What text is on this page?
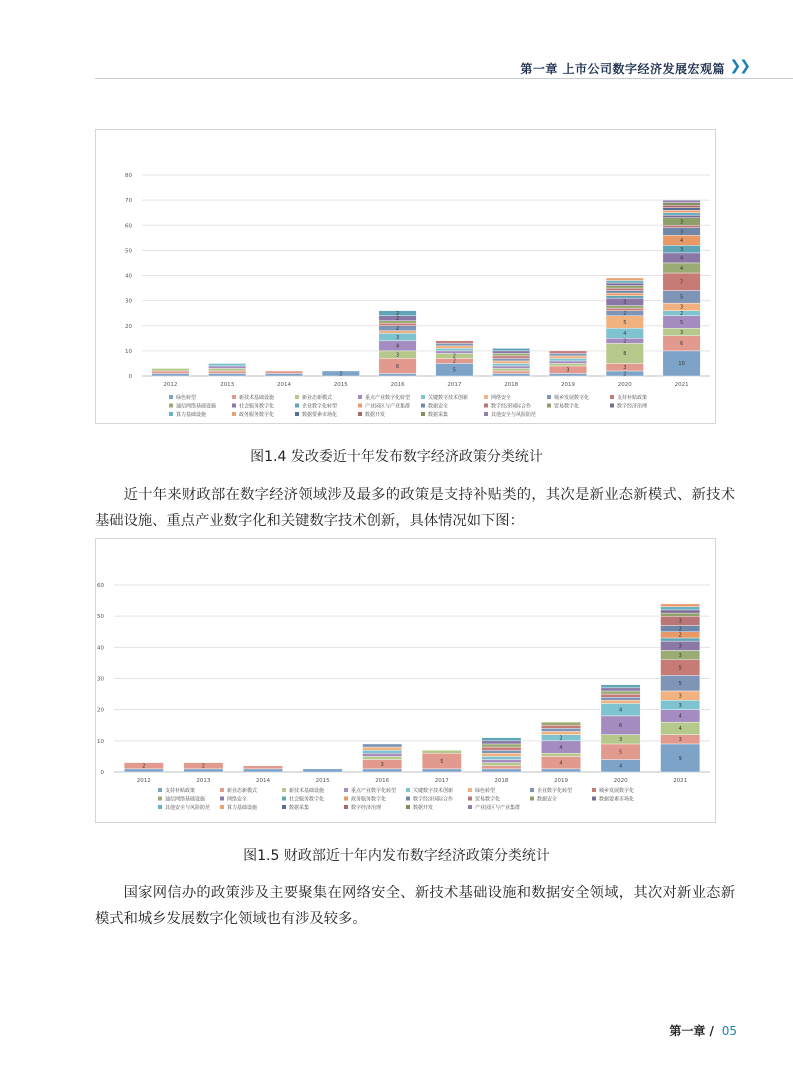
第一章 上市公司数字经济发展宏观篇 ❯❯
0
10
20
30
40
50
60
70
80
2012	2013	2014
2
2015
6
3
4
3
2
2
2
2016
5
2
2
2017	2018
3
2019
2
3
8
2
4
5
2
3
2020
10
6
3
5
2
3
5
7
4
4
3
4
3
3
2021
绿色转型	新技术基础设施	新业态新模式	重点产业数字化转型	关键数字技术创新	网络安全	城乡发展数字化	支持补贴政策
通信网络基础设施	社会服务数字化	企业数字化转型	产业园区与产业集群	数据安全	数字经济国际合作	贸易数字化	数字经济治理
算力基础设施	政务服务数字化	数据要素市场化	数据开发	数据采集	其他安全与风险防范
图1.4 发改委近十年发布数字经济政策分类统计
近十年来财政部在数字经济领域涉及最多的政策是支持补贴类的，其次是新业态新模式、新技术基础设施、重点产业数字化和关键数字技术创新，具体情况如下图：
0
10
20
30
40
50
60
2
2012
2
2013	2014	2015
3
2016
5
2017	2018
4
4
2
2019
4
5
3
6
4
2020
9
3
4
4
3
3
5
5
3
3
2
2
3
2021
支持补贴政策	新业态新模式	新技术基础设施	重点产业数字化转型	关键数字技术创新	绿色转型	企业数字化转型	城乡发展数字化
通信网络基础设施	网络安全	社会服务数字化	政务服务数字化	数字经济国际合作	贸易数字化	数据安全	数据要素市场化
其他安全与风险防范	算力基础设施	数据采集	数字经济治理	数据开发	产业园区与产业集群
图1.5 财政部近十年内发布数字经济政策分类统计
国家网信办的政策涉及主要聚集在网络安全、新技术基础设施和数据安全领域，其次对新业态新模式和城乡发展数字化领域也有涉及较多。
第一章 / 05
